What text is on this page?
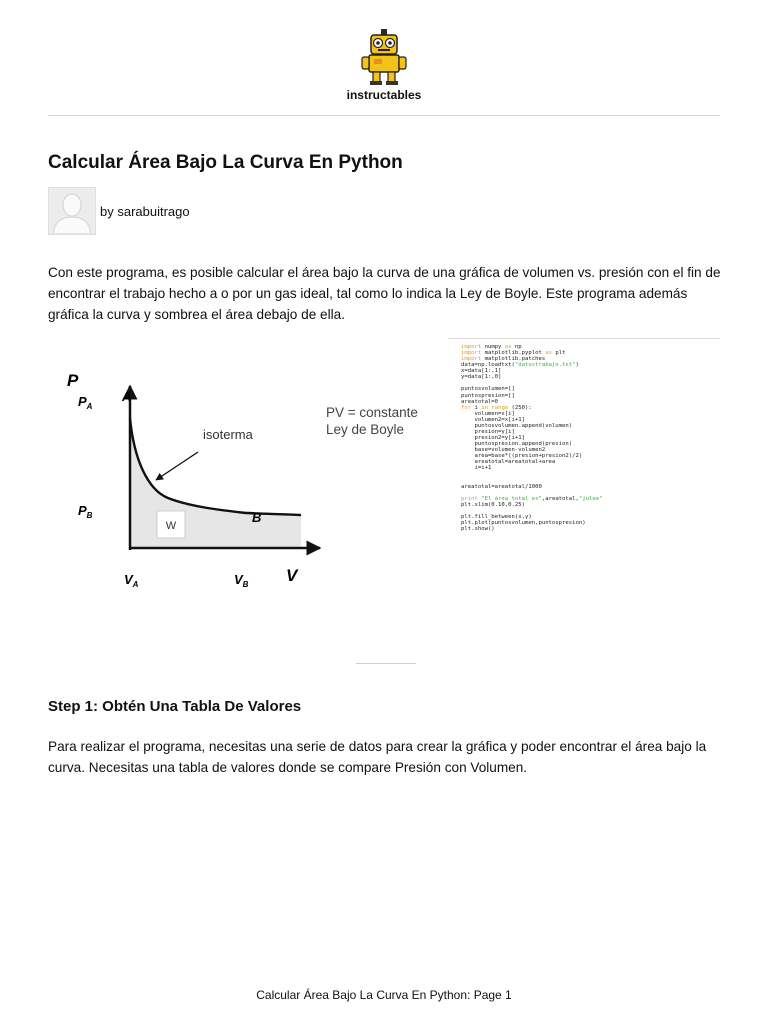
instructables
Calcular Área Bajo La Curva En Python
by sarabuitrago

Con este programa, es posible calcular el área bajo la curva de una gráfica de volumen vs. presión con el fin de encontrar el trabajo hecho a o por un gas ideal, tal como lo indica la Ley de Boyle. Este programa además gráfica la curva y sombrea el área debajo de ella.

W
isoterma
P
V
$P_A$
$P_B$
$V_A$	$V_B$
A
B
PV = constante
Ley de Boyle
import numpy as np
import matplotlib.pyplot as plt
import matplotlib.patches
data=np.loadtxt("datostrabajo.txt")
x=data[1:,1]
y=data[1:,0]
puntosvolumen=[]
puntospresion=[]
areatotal=0
for i in range (250):
volumen=x[i]
volumen2=x[i+1]
puntosvolumen.append(volumen)
presion=y[i]
presion2=y[i+1]
puntospresion.append(presion)
base=volumen-volumen2
area=base*((presion+presion2)/2)
areatotal=areatotal+area
i=i+1
areatotal=areatotal/1000
print "El área total es",areatotal,"julee"
plt.xlim(0.10,0.25)
plt.fill_between(x,y)
plt.plot(puntosvolumen,puntospresion)
plt.show()
Step 1: Obtén Una Tabla De Valores

Para realizar el programa, necesitas una serie de datos para crear la gráfica y poder encontrar el área bajo la curva. Necesitas una tabla de valores donde se compare Presión con Volumen.

Calcular Área Bajo La Curva En Python: Page 1
